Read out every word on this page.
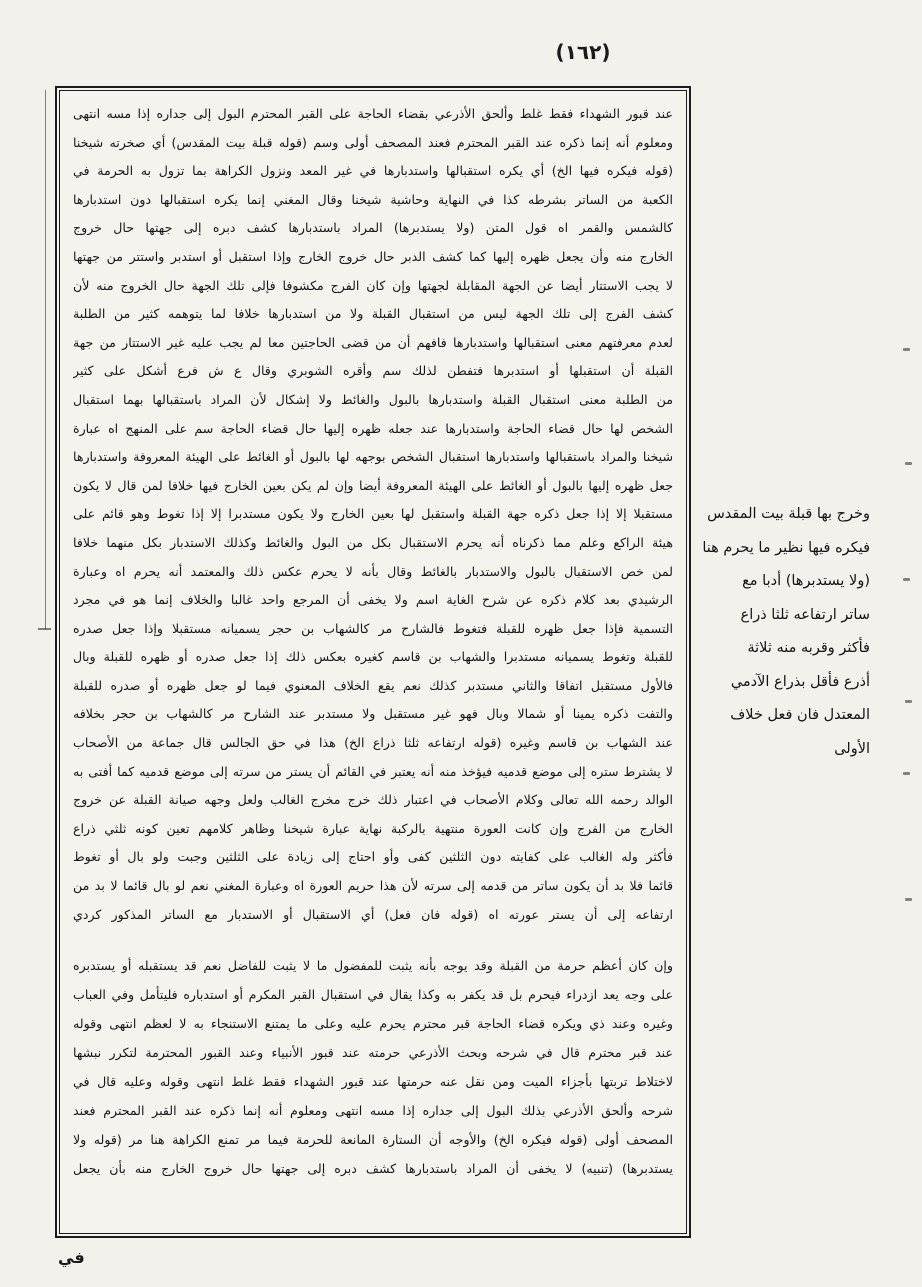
(١٦٢)
عند قبور الشهداء فقط غلط وألحق الأذرعي بقضاء الحاجة على القبر المحترم البول إلى جداره إذا مسه انتهى
ومعلوم أنه إنما ذكره عند القبر المحترم فعند المصحف أولى وسم (قوله قبلة بيت المقدس) أي صخرته شيخنا
(قوله فيكره فيها الخ) أي يكره استقبالها واستدبارها في غير المعد ونزول الكراهة بما تزول به الحرمة في
الكعبة من الساتر بشرطه كذا في النهاية وحاشية شيخنا وقال المغني إنما يكره استقبالها دون استدبارها
كالشمس والقمر اه قول المتن (ولا يستدبرها) المراد باستدبارها كشف دبره إلى جهتها حال خروج
الخارج منه وأن يجعل ظهره إليها كما كشف الدبر حال خروج الخارج وإذا استقبل أو استدبر واستتر من جهتها
لا يجب الاستتار أيضا عن الجهة المقابلة لجهتها وإن كان الفرج مكشوفا فإلى تلك الجهة حال الخروج منه لأن
كشف الفرج إلى تلك الجهة ليس من استقبال القبلة ولا من استدبارها خلافا لما يتوهمه كثير من الطلبة
لعدم معرفتهم معنى استقبالها واستدبارها فافهم أن من قضى الحاجتين معا لم يجب عليه غير الاستتار من جهة
القبلة أن استقبلها أو استدبرها فتفطن لذلك سم وأقره الشوبري وقال ع ش فرع أشكل على كثير
من الطلبة معنى استقبال القبلة واستدبارها بالبول والغائط ولا إشكال لأن المراد باستقبالها بهما استقبال
الشخص لها حال قضاء الحاجة واستدبارها عند جعله ظهره إليها حال قضاء الحاجة سم على المنهج اه عبارة
شيخنا والمراد باستقبالها واستدبارها استقبال الشخص بوجهه لها بالبول أو الغائط على الهيئة المعروفة واستدبارها
جعل ظهره إليها بالبول أو الغائط على الهيئة المعروفة أيضا وإن لم يكن بعين الخارج فيها خلافا لمن قال لا يكون
مستقبلا إلا إذا جعل ذكره جهة القبلة واستقبل لها بعين الخارج ولا يكون مستدبرا إلا إذا تغوط وهو قائم على
هيئة الراكع وعلم مما ذكرناه أنه يحرم الاستقبال بكل من البول والغائط وكذلك الاستدبار بكل منهما خلافا
لمن خص الاستقبال بالبول والاستدبار بالغائط وقال بأنه لا يحرم عكس ذلك والمعتمد أنه يحرم اه وعبارة
الرشيدي بعد كلام ذكره عن شرح الغاية اسم ولا يخفى أن المرجع واحد غالبا والخلاف إنما هو في مجرد
التسمية فإذا جعل ظهره للقبلة فتغوط فالشارح مر كالشهاب بن حجر يسميانه مستقبلا وإذا جعل صدره
للقبلة وتغوط يسميانه مستدبرا والشهاب بن قاسم كغيره بعكس ذلك إذا جعل صدره أو ظهره للقبلة وبال
فالأول مستقبل اتفاقا والثاني مستدبر كذلك نعم يقع الخلاف المعنوي فيما لو جعل ظهره أو صدره للقبلة
والتفت ذكره يمينا أو شمالا وبال فهو غير مستقبل ولا مستدبر عند الشارح مر كالشهاب بن حجر بخلافه
عند الشهاب بن قاسم وغيره (قوله ارتفاعه ثلثا ذراع الخ) هذا في حق الجالس قال جماعة من الأصحاب
لا يشترط ستره إلى موضع قدميه فيؤخذ منه أنه يعتبر في القائم أن يستر من سرته إلى موضع قدميه كما أفتى به
الوالد رحمه الله تعالى وكلام الأصحاب في اعتبار ذلك خرج مخرج الغالب ولعل وجهه صيانة القبلة عن خروج
الخارج من الفرج وإن كانت العورة منتهية بالركبة نهاية عبارة شيخنا وظاهر كلامهم تعين كونه ثلثي ذراع
فأكثر وله الغالب على كفايته دون الثلثين كفى وأو احتاج إلى زيادة على الثلثين وجبت ولو بال أو تغوط
قائما فلا بد أن يكون ساتر من قدمه إلى سرته لأن هذا حريم العورة اه وعبارة المغني نعم لو بال قائما لا بد من
ارتفاعه إلى أن يستر عورته اه (قوله فان فعل) أي الاستقبال أو الاستدبار مع الساتر المذكور كردي
وإن كان أعظم حرمة من القبلة وقد يوجه بأنه يثبت للمفضول ما لا يثبت للفاضل نعم قد يستقبله أو يستدبره
على وجه يعد ازدراء فيحرم بل قد يكفر به وكذا يقال في استقبال القبر المكرم أو استدباره فليتأمل وفي العباب
وغيره وعند ذي ويكره قضاء الحاجة قبر محترم يحرم عليه وعلى ما يمتنع الاستنجاء به لا لعظم انتهى وقوله
عند قبر محترم قال في شرحه وبحث الأذرعي حرمته عند قبور الأنبياء وعند القبور المحترمة لتكرر نبشها
لاختلاط تربتها بأجزاء الميت ومن نقل عنه حرمتها عند قبور الشهداء فقط غلط انتهى وقوله وعليه قال في
شرحه وألحق الأذرعي بذلك البول إلى جداره إذا مسه انتهى ومعلوم أنه إنما ذكره عند القبر المحترم فعند
المصحف أولى (قوله فيكره الخ) والأوجه أن الستارة المانعة للحرمة فيما مر تمنع الكراهة هنا مر (قوله ولا
يستدبرها) (تنبيه) لا يخفى أن المراد باستدبارها كشف دبره إلى جهتها حال خروج الخارج منه بأن يجعل
وخرج بها قبلة بيت المقدس
فيكره فيها نظير ما يحرم هنا
(ولا يستدبرها) أدبا مع
ساتر ارتفاعه ثلثا ذراع
فأكثر وقربه منه ثلاثة
أذرع فأقل بذراع الآدمي
المعتدل فان فعل خلاف
الأولى
في
